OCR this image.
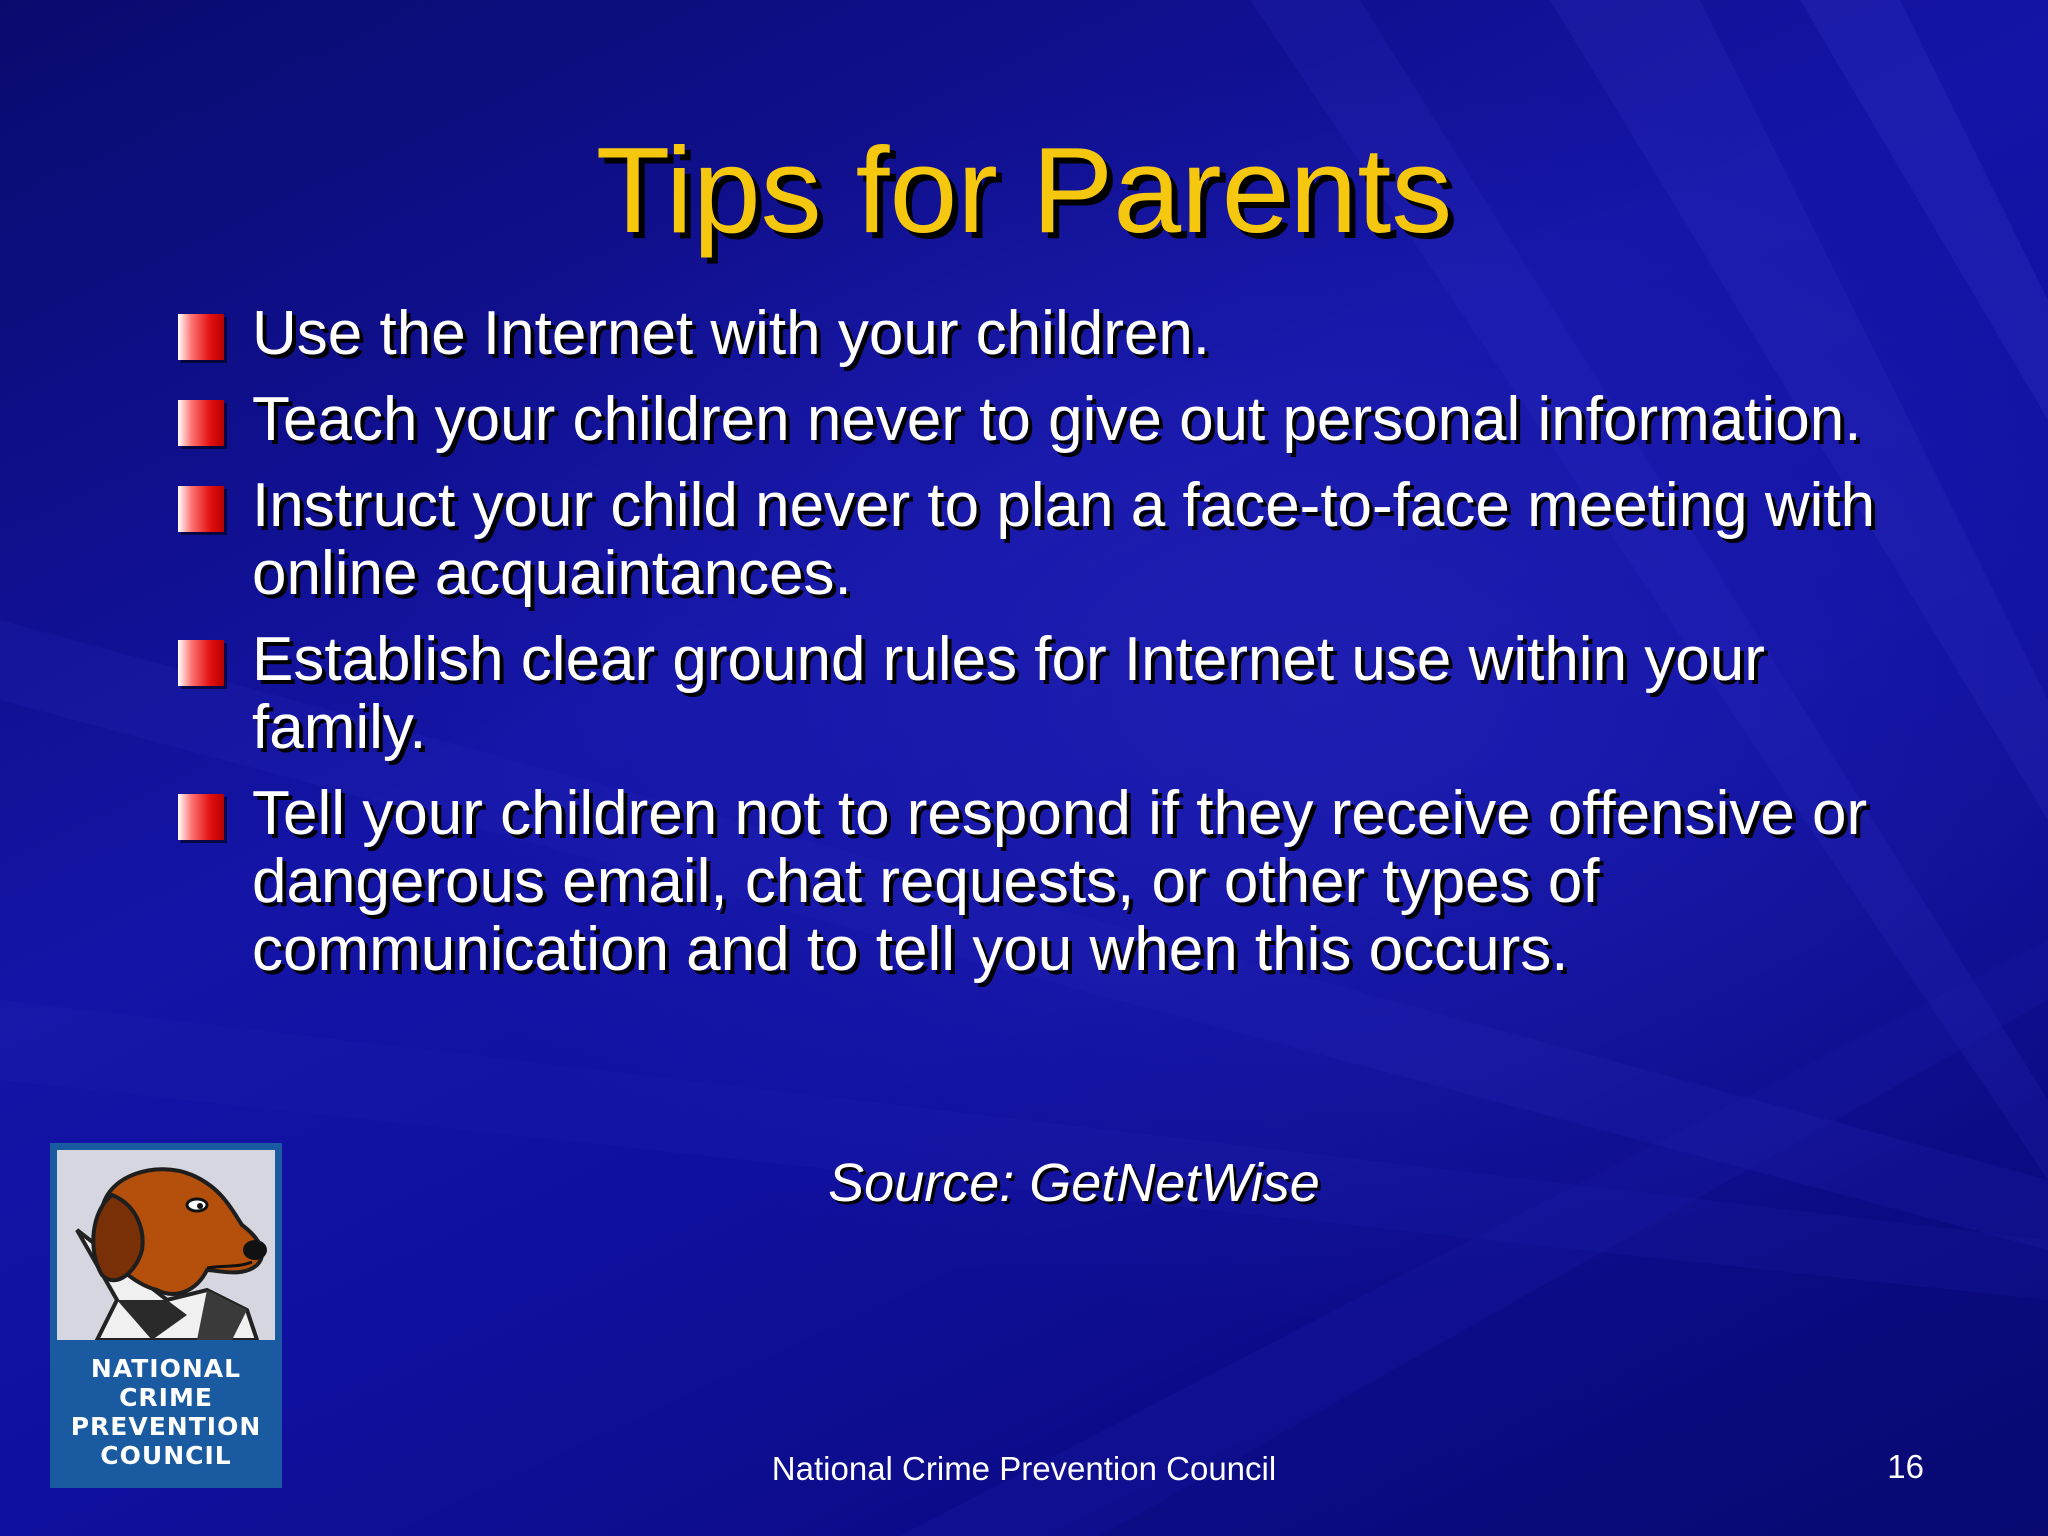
Tips for Parents
Use the Internet with your children.
Teach your children never to give out personal information.
Instruct your child never to plan a face-to-face meeting with online acquaintances.
Establish clear ground rules for Internet use within your family.
Tell your children not to respond if they receive offensive or dangerous email, chat requests, or other types of communication and to tell you when this occurs.
Source: GetNetWise
NATIONAL
CRIME
PREVENTION
COUNCIL	National Crime Prevention Council	16
